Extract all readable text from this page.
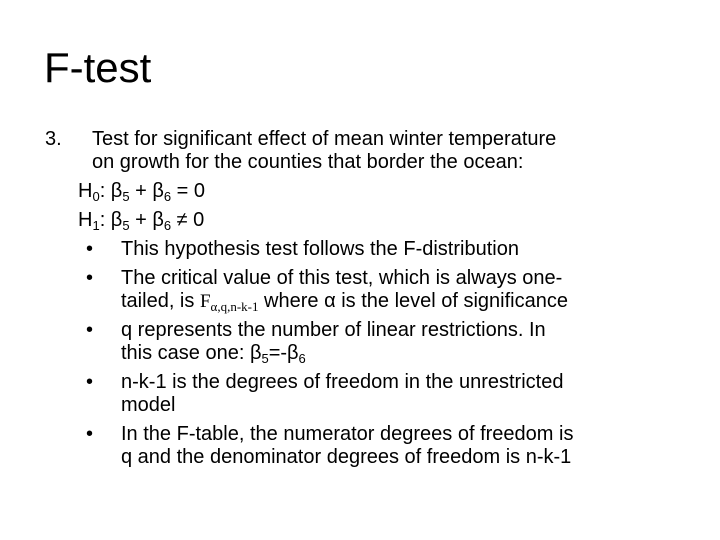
F-test
3. Test for significant effect of mean winter temperature
on growth for the counties that border the ocean:
$H_0$: $\beta_5 + \beta_6 = 0$
$H_1$: $\beta_5 + \beta_6 \ne 0$
• This hypothesis test follows the F-distribution
• The critical value of this test, which is always one-
tailed, is $F_{\alpha,q,n-k-1}$ where α is the level of significance
• q represents the number of linear restrictions. In
this case one: $\beta_5=-\beta_6$
• n-k-1 is the degrees of freedom in the unrestricted
model
• In the F-table, the numerator degrees of freedom is
q and the denominator degrees of freedom is n-k-1
